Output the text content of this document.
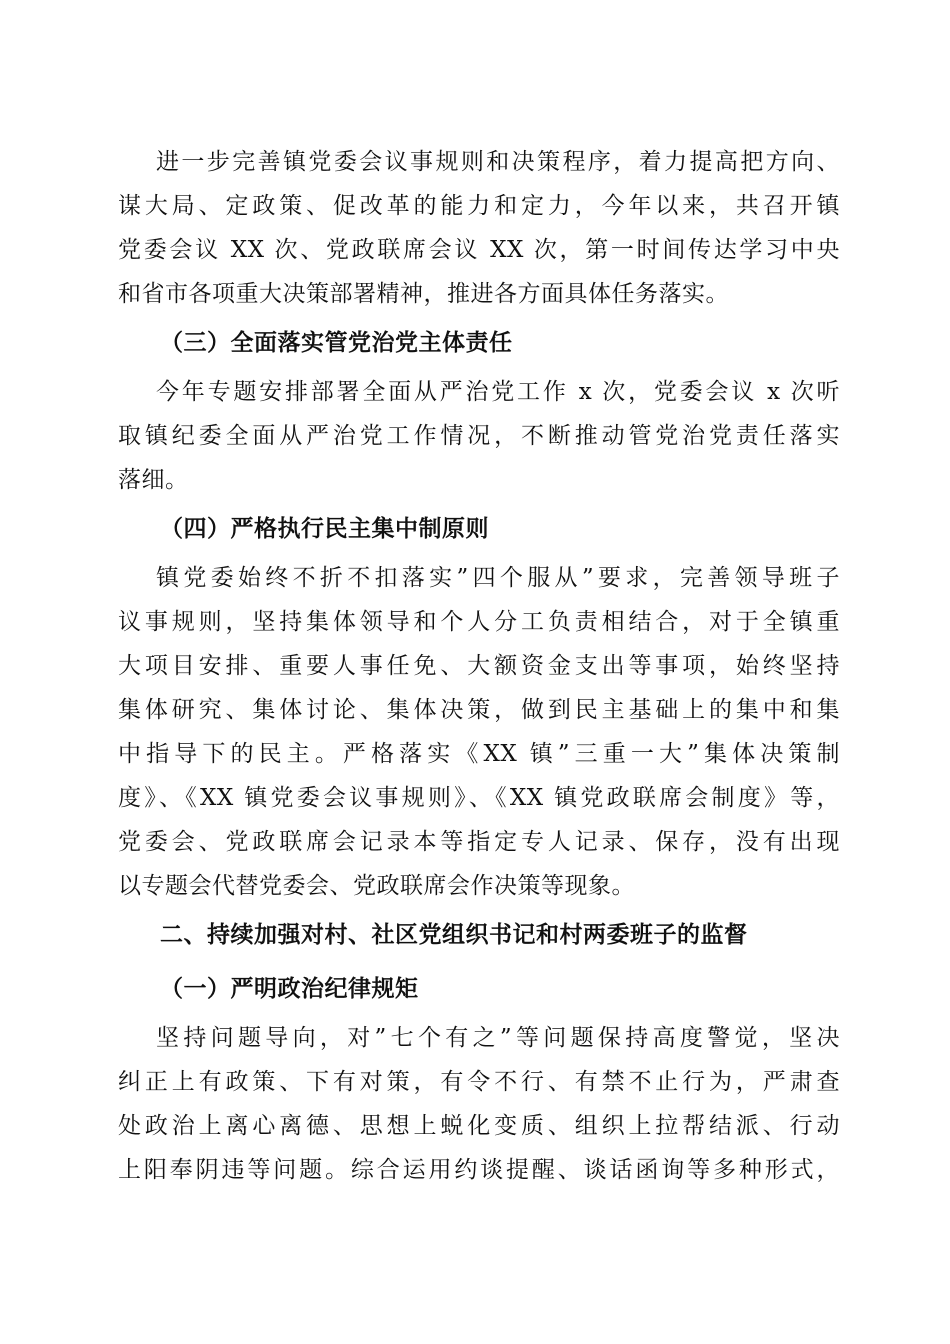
进一步完善镇党委会议事规则和决策程序，着力提高把方向、
谋大局、定政策、促改革的能力和定力，今年以来，共召开镇
党委会议 XX 次、党政联席会议 XX 次，第一时间传达学习中央
和省市各项重大决策部署精神，推进各方面具体任务落实。
（三）全面落实管党治党主体责任
今年专题安排部署全面从严治党工作 x 次，党委会议 x 次听
取镇纪委全面从严治党工作情况，不断推动管党治党责任落实
落细。
（四）严格执行民主集中制原则
镇党委始终不折不扣落实”四个服从”要求，完善领导班子
议事规则，坚持集体领导和个人分工负责相结合，对于全镇重
大项目安排、重要人事任免、大额资金支出等事项，始终坚持
集体研究、集体讨论、集体决策，做到民主基础上的集中和集
中指导下的民主。严格落实《XX 镇”三重一大”集体决策制
度》、《XX 镇党委会议事规则》、《XX 镇党政联席会制度》等，
党委会、党政联席会记录本等指定专人记录、保存，没有出现
以专题会代替党委会、党政联席会作决策等现象。
二、持续加强对村、社区党组织书记和村两委班子的监督
（一）严明政治纪律规矩
坚持问题导向，对”七个有之”等问题保持高度警觉，坚决
纠正上有政策、下有对策，有令不行、有禁不止行为，严肃查
处政治上离心离德、思想上蜕化变质、组织上拉帮结派、行动
上阳奉阴违等问题。综合运用约谈提醒、谈话函询等多种形式，
